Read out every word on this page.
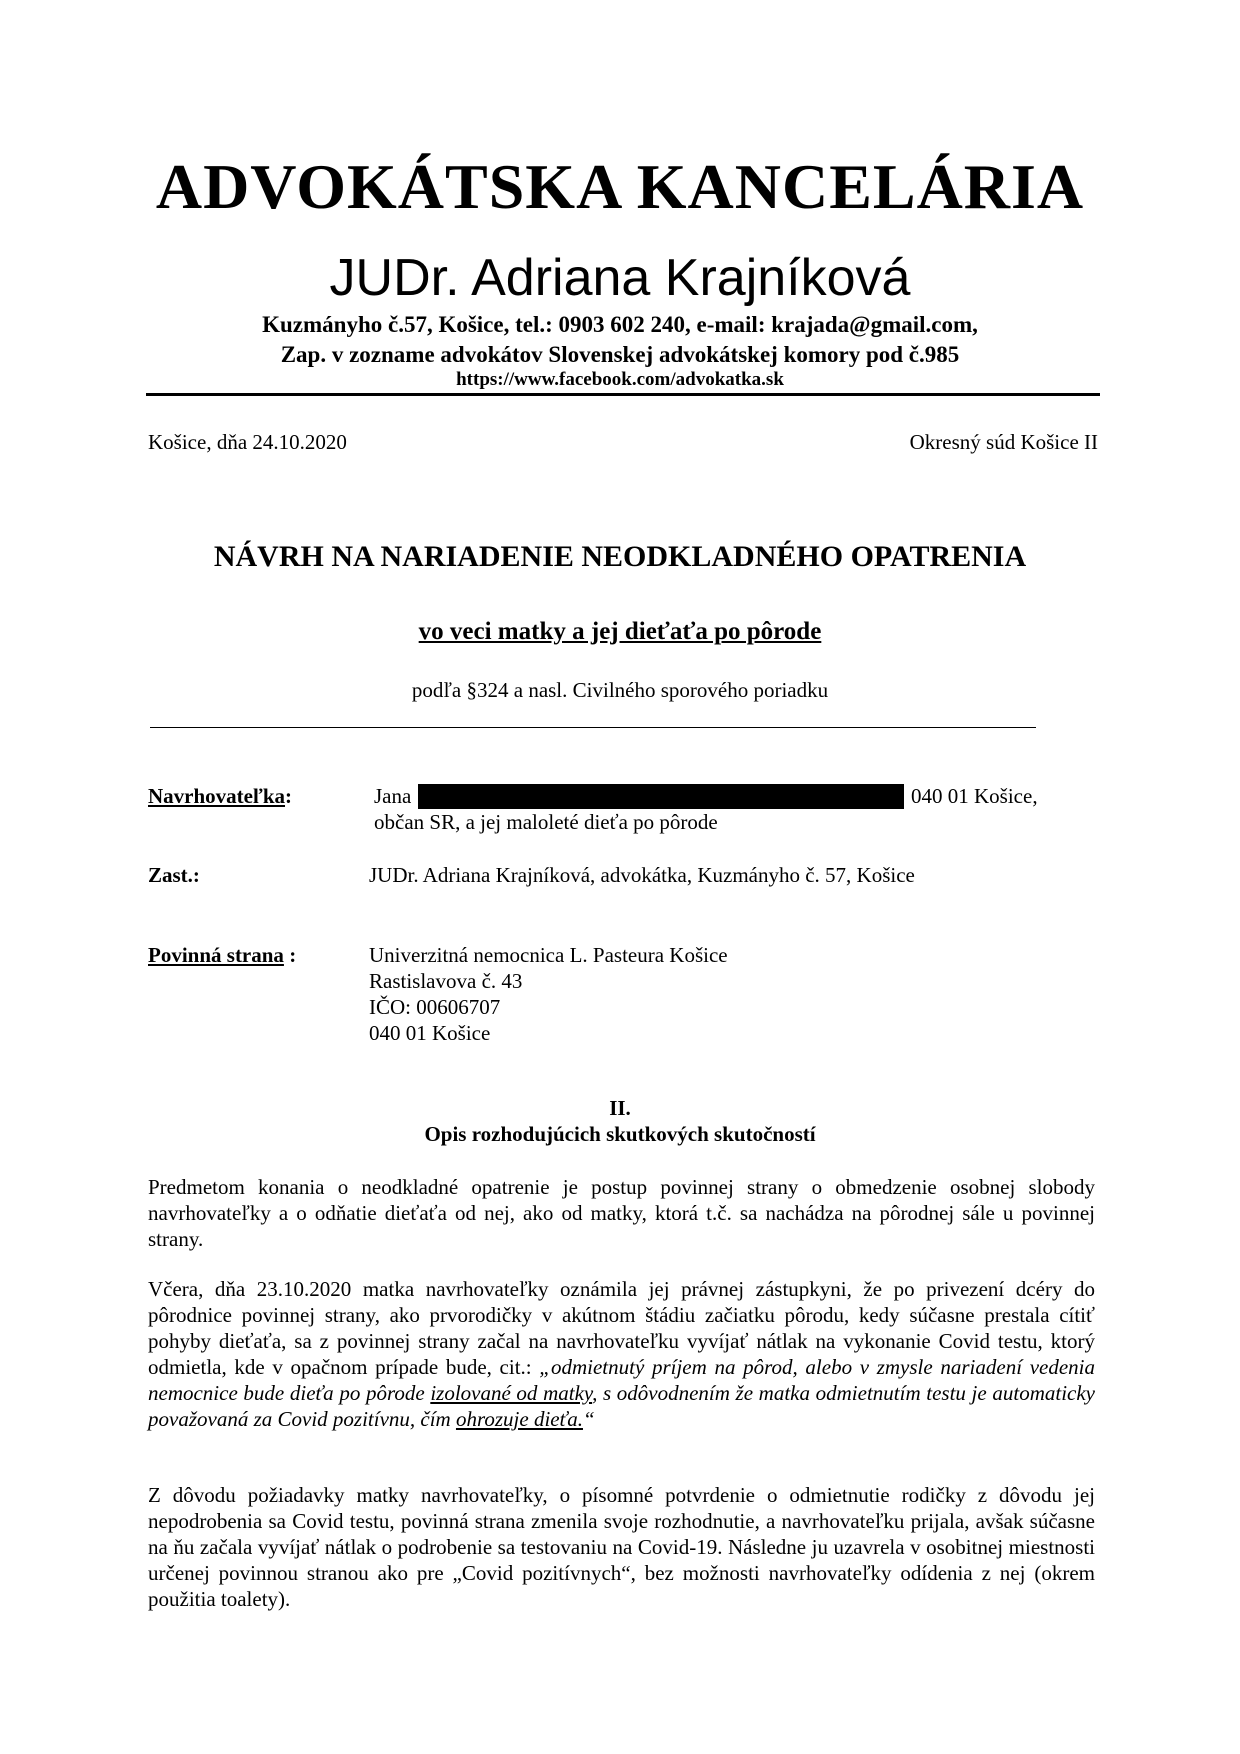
ADVOKÁTSKA KANCELÁRIA
JUDr. Adriana Krajníková
Kuzmányho č.57, Košice, tel.: 0903 602 240, e-mail: krajada@gmail.com,
Zap. v zozname advokátov Slovenskej advokátskej komory pod č.985
https://www.facebook.com/advokatka.sk
Košice, dňa 24.10.2020	Okresný súd Košice II
NÁVRH NA NARIADENIE NEODKLADNÉHO OPATRENIA
vo veci matky a jej dieťaťa po pôrode
podľa §324 a nasl. Civilného sporového poriadku
Navrhovateľka:	Jana	040 01 Košice,
občan SR, a jej maloleté dieťa po pôrode
Zast.:	JUDr. Adriana Krajníková, advokátka, Kuzmányho č. 57, Košice
Povinná strana :	Univerzitná nemocnica L. Pasteura Košice
Rastislavova č. 43
IČO: 00606707
040 01 Košice
II.
Opis rozhodujúcich skutkových skutočností
Predmetom konania o neodkladné opatrenie je postup povinnej strany o obmedzenie osobnej slobody navrhovateľky a o odňatie dieťaťa od nej, ako od matky, ktorá t.č. sa nachádza na pôrodnej sále u povinnej strany.
Včera, dňa 23.10.2020 matka navrhovateľky oznámila jej právnej zástupkyni, že po privezení dcéry do pôrodnice povinnej strany, ako prvorodičky v akútnom štádiu začiatku pôrodu, kedy súčasne prestala cítiť pohyby dieťaťa, sa z povinnej strany začal na navrhovateľku vyvíjať nátlak na vykonanie Covid testu, ktorý odmietla, kde v opačnom prípade bude, cit.: „odmietnutý príjem na pôrod, alebo v zmysle nariadení vedenia nemocnice bude dieťa po pôrode izolované od matky, s odôvodnením že matka odmietnutím testu je automaticky považovaná za Covid pozitívnu, čím ohrozuje dieťa.“
Z dôvodu požiadavky matky navrhovateľky, o písomné potvrdenie o odmietnutie rodičky z dôvodu jej nepodrobenia sa Covid testu, povinná strana zmenila svoje rozhodnutie, a navrhovateľku prijala, avšak súčasne na ňu začala vyvíjať nátlak o podrobenie sa testovaniu na Covid-19. Následne ju uzavrela v osobitnej miestnosti určenej povinnou stranou ako pre „Covid pozitívnych“, bez možnosti navrhovateľky odídenia z nej (okrem použitia toalety).
